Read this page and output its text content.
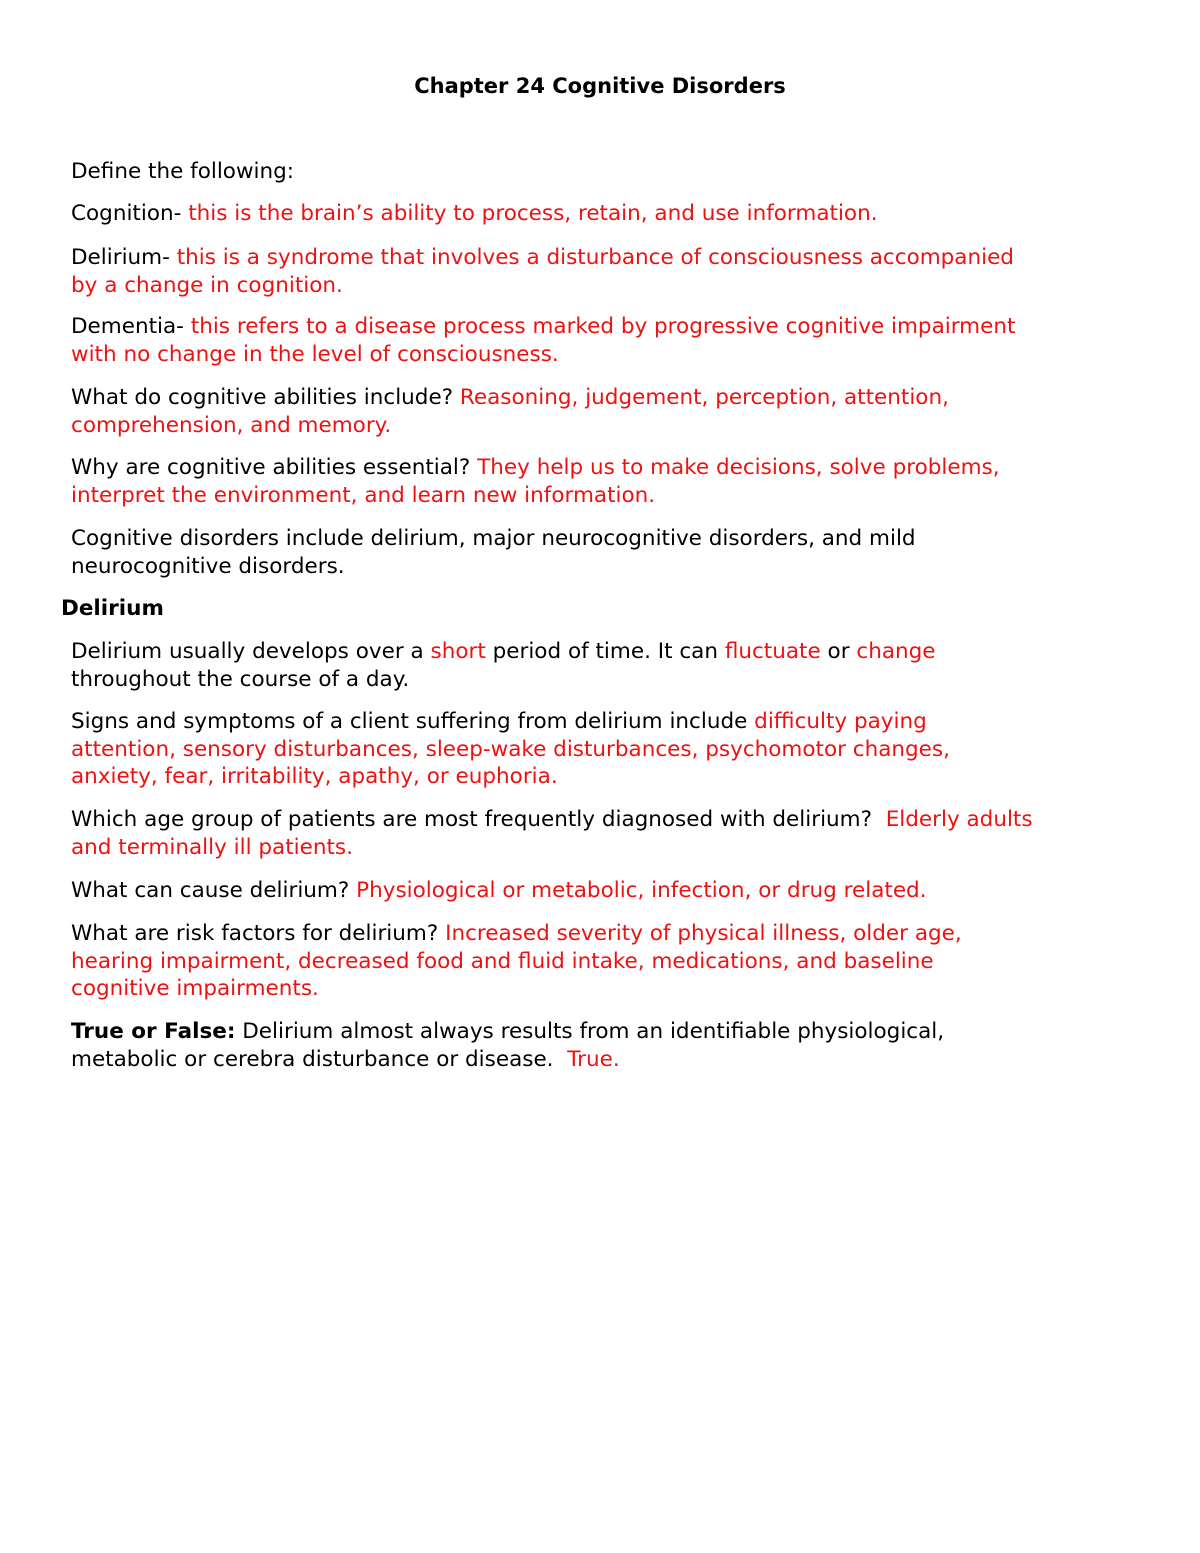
Chapter 24 Cognitive Disorders
Define the following:
Cognition- this is the brain’s ability to process, retain, and use information.
Delirium- this is a syndrome that involves a disturbance of consciousness accompanied
by a change in cognition.
Dementia- this refers to a disease process marked by progressive cognitive impairment
with no change in the level of consciousness.
What do cognitive abilities include? Reasoning, judgement, perception, attention,
comprehension, and memory.
Why are cognitive abilities essential? They help us to make decisions, solve problems,
interpret the environment, and learn new information.
Cognitive disorders include delirium, major neurocognitive disorders, and mild
neurocognitive disorders.
Delirium
Delirium usually develops over a short period of time. It can fluctuate or change
throughout the course of a day.
Signs and symptoms of a client suffering from delirium include difficulty paying
attention, sensory disturbances, sleep-wake disturbances, psychomotor changes,
anxiety, fear, irritability, apathy, or euphoria.
Which age group of patients are most frequently diagnosed with delirium?  Elderly adults
and terminally ill patients.
What can cause delirium? Physiological or metabolic, infection, or drug related.
What are risk factors for delirium? Increased severity of physical illness, older age,
hearing impairment, decreased food and fluid intake, medications, and baseline
cognitive impairments.
True or False: Delirium almost always results from an identifiable physiological,
metabolic or cerebra disturbance or disease.  True.
